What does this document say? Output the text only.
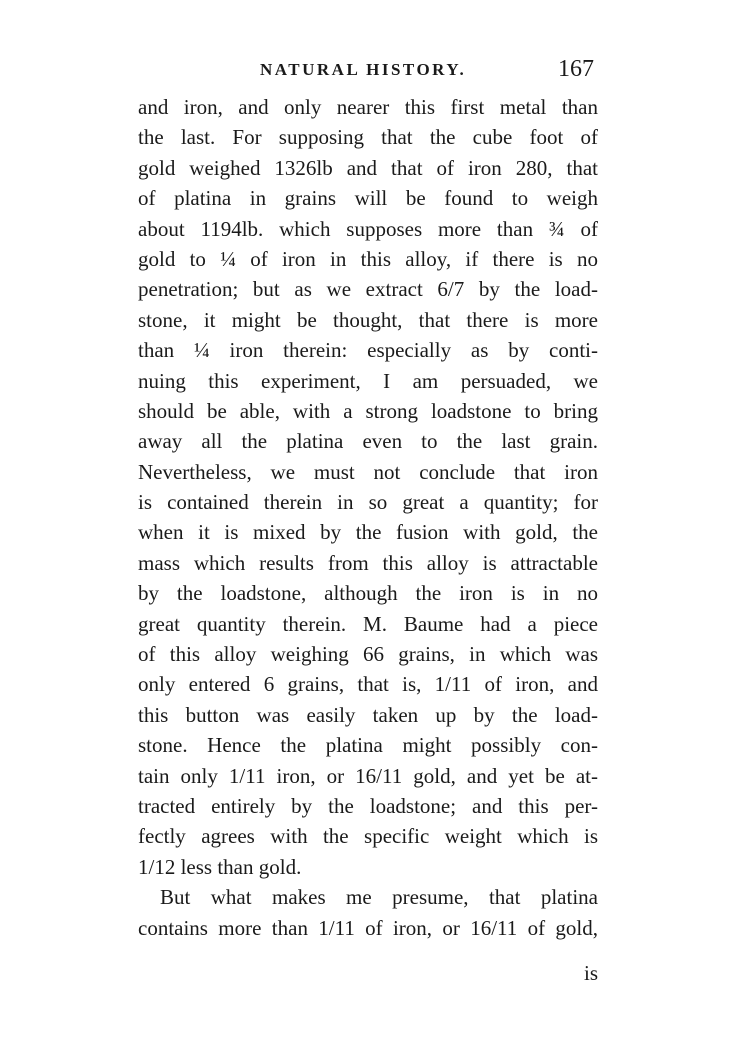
NATURAL HISTORY.	167
and iron, and only nearer this first metal than
the last. For supposing that the cube foot of
gold weighed 1326lb and that of iron 280, that
of platina in grains will be found to weigh
about 1194lb. which supposes more than ¾ of
gold to ¼ of iron in this alloy, if there is no
penetration; but as we extract 6/7 by the load-
stone, it might be thought, that there is more
than ¼ iron therein: especially as by conti-
nuing this experiment, I am persuaded, we
should be able, with a strong loadstone to bring
away all the platina even to the last grain.
Nevertheless, we must not conclude that iron
is contained therein in so great a quantity; for
when it is mixed by the fusion with gold, the
mass which results from this alloy is attractable
by the loadstone, although the iron is in no
great quantity therein. M. Baume had a piece
of this alloy weighing 66 grains, in which was
only entered 6 grains, that is, 1/11 of iron, and
this button was easily taken up by the load-
stone. Hence the platina might possibly con-
tain only 1/11 iron, or 16/11 gold, and yet be at-
tracted entirely by the loadstone; and this per-
fectly agrees with the specific weight which is
1/12 less than gold.
But what makes me presume, that platina
contains more than 1/11 of iron, or 16/11 of gold,
is
